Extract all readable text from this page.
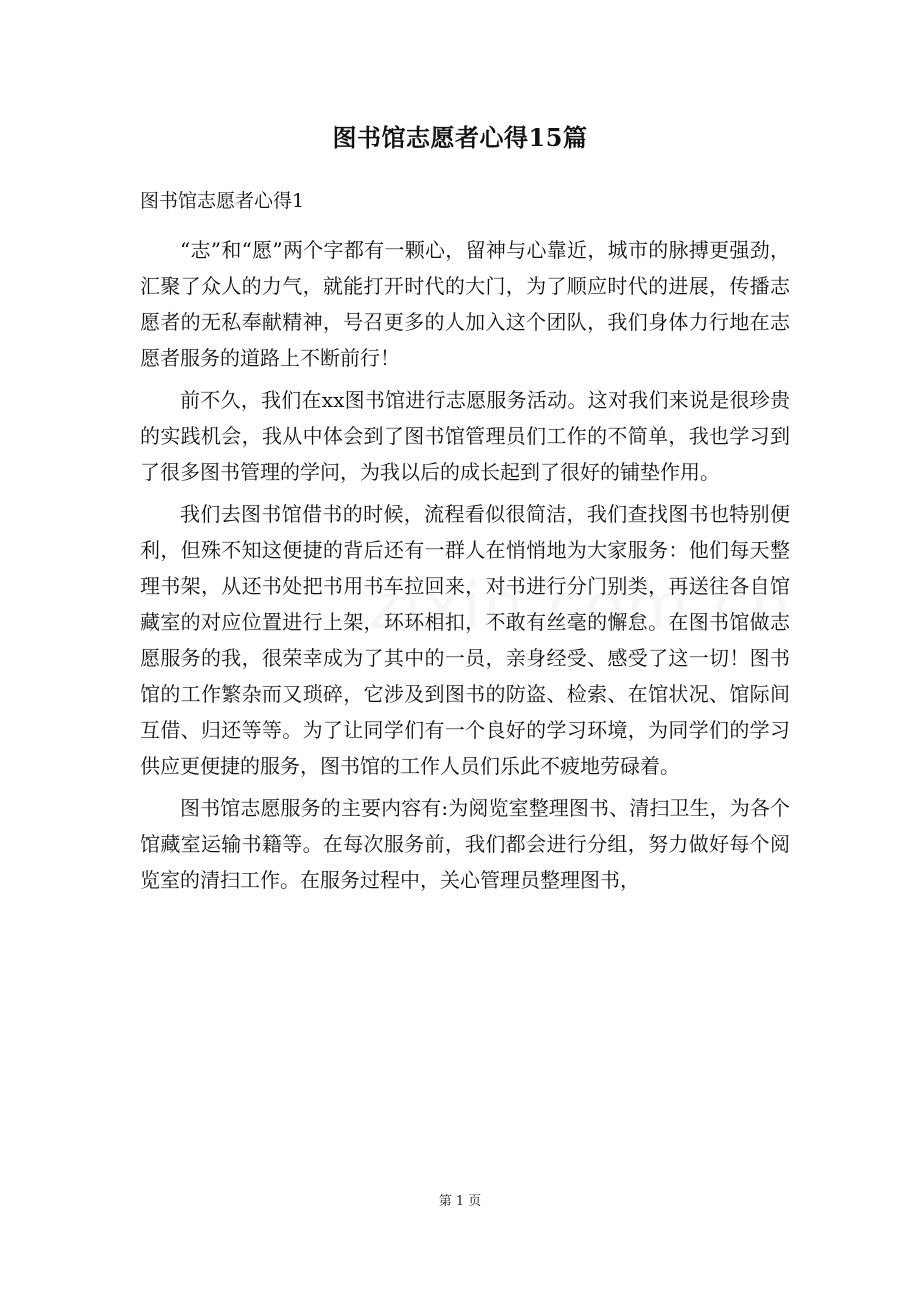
图书馆志愿者心得15篇
图书馆志愿者心得1

“志”和“愿”两个字都有一颗心，留神与心靠近，城市的脉搏更强劲，汇聚了众人的力气，就能打开时代的大门，为了顺应时代的进展，传播志愿者的无私奉献精神，号召更多的人加入这个团队，我们身体力行地在志愿者服务的道路上不断前行！

前不久，我们在xx图书馆进行志愿服务活动。这对我们来说是很珍贵的实践机会，我从中体会到了图书馆管理员们工作的不简单，我也学习到了很多图书管理的学问，为我以后的成长起到了很好的铺垫作用。

我们去图书馆借书的时候，流程看似很简洁，我们查找图书也特别便利，但殊不知这便捷的背后还有一群人在悄悄地为大家服务：他们每天整理书架，从还书处把书用书车拉回来，对书进行分门别类，再送往各自馆藏室的对应位置进行上架，环环相扣，不敢有丝毫的懈怠。在图书馆做志愿服务的我，很荣幸成为了其中的一员，亲身经受、感受了这一切！图书馆的工作繁杂而又琐碎，它涉及到图书的防盗、检索、在馆状况、馆际间互借、归还等等。为了让同学们有一个良好的学习环境，为同学们的学习供应更便捷的服务，图书馆的工作人员们乐此不疲地劳碌着。

图书馆志愿服务的主要内容有:为阅览室整理图书、清扫卫生，为各个馆藏室运输书籍等。在每次服务前，我们都会进行分组，努力做好每个阅览室的清扫工作。在服务过程中，关心管理员整理图书，

第 1 页
